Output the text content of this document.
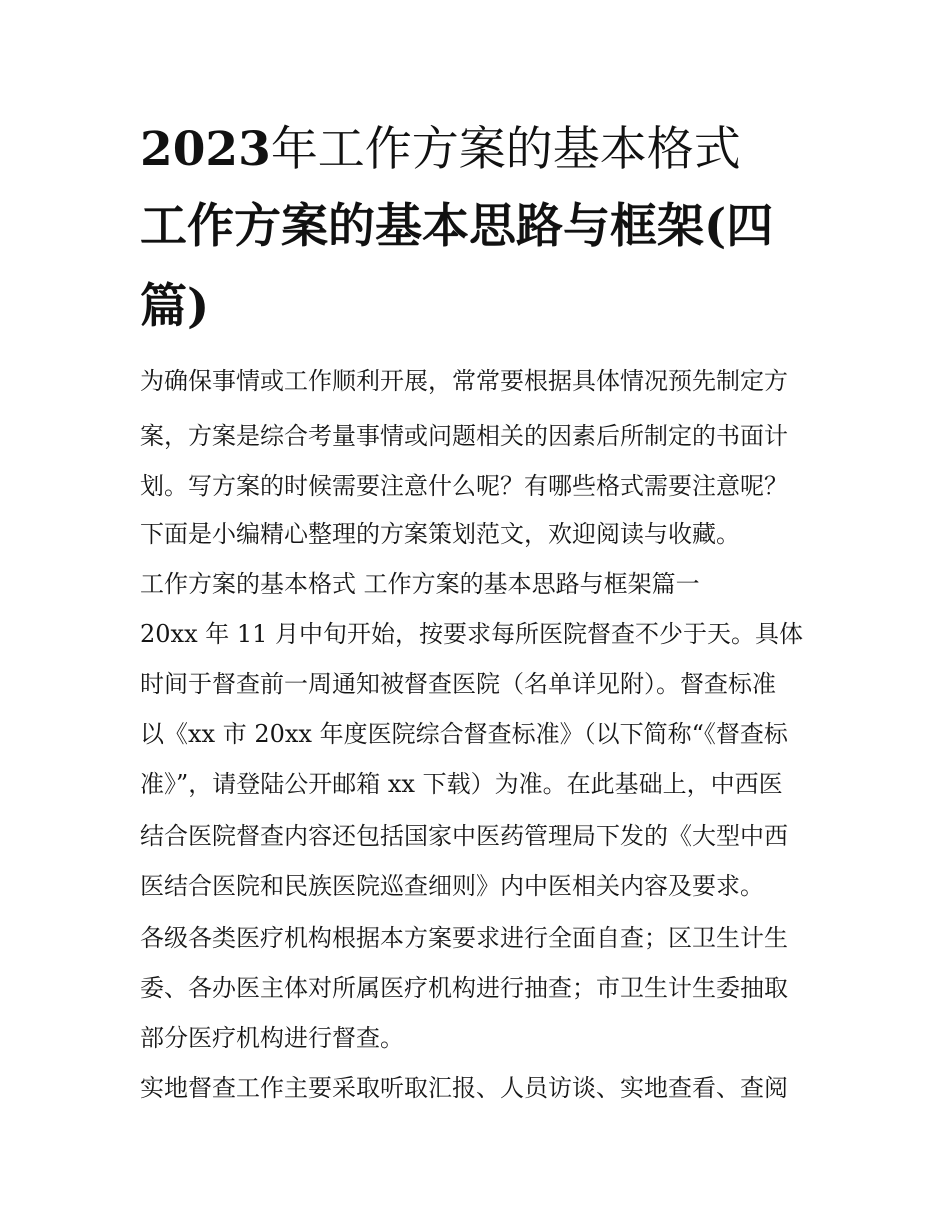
2023年工作方案的基本格式
工作方案的基本思路与框架(四
篇)

为确保事情或工作顺利开展，常常要根据具体情况预先制定方

案，方案是综合考量事情或问题相关的因素后所制定的书面计

划。写方案的时候需要注意什么呢？有哪些格式需要注意呢？

下面是小编精心整理的方案策划范文，欢迎阅读与收藏。

工作方案的基本格式 工作方案的基本思路与框架篇一

20xx 年 11 月中旬开始，按要求每所医院督查不少于天。具体

时间于督查前一周通知被督查医院（名单详见附）。督查标准

以《xx 市 20xx 年度医院综合督查标准》（以下简称“《督查标

准》”，请登陆公开邮箱 xx 下载）为准。在此基础上，中西医

结合医院督查内容还包括国家中医药管理局下发的《大型中西

医结合医院和民族医院巡查细则》内中医相关内容及要求。

各级各类医疗机构根据本方案要求进行全面自查；区卫生计生

委、各办医主体对所属医疗机构进行抽查；市卫生计生委抽取

部分医疗机构进行督查。

实地督查工作主要采取听取汇报、人员访谈、实地查看、查阅
